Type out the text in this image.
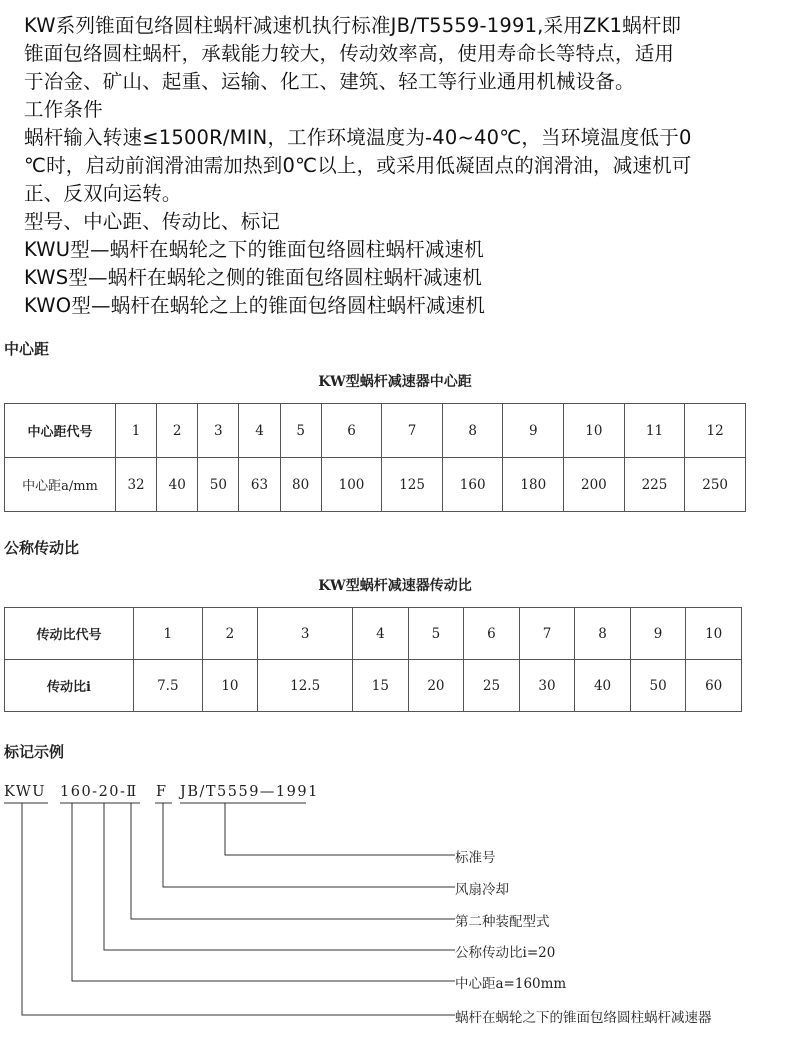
KW系列锥面包络圆柱蜗杆减速机执行标准JB/T5559-1991,采用ZK1蜗杆即
锥面包络圆柱蜗杆，承载能力较大，传动效率高，使用寿命长等特点，适用
于冶金、矿山、起重、运输、化工、建筑、轻工等行业通用机械设备。
工作条件
蜗杆输入转速≤1500R/MIN，工作环境温度为-40~40℃，当环境温度低于0
℃时，启动前润滑油需加热到0℃以上，或采用低凝固点的润滑油，减速机可
正、反双向运转。
型号、中心距、传动比、标记
KWU型—蜗杆在蜗轮之下的锥面包络圆柱蜗杆减速机
KWS型—蜗杆在蜗轮之侧的锥面包络圆柱蜗杆减速机
KWO型—蜗杆在蜗轮之上的锥面包络圆柱蜗杆减速机
中心距
KW型蜗杆减速器中心距
中心距代号	1	2	3	4	5	6	7	8	9	10	11	12
中心距a/mm	32	40	50	63	80	100	125	160	180	200	225	250
公称传动比
KW型蜗杆减速器传动比
传动比代号	1	2	3	4	5	6	7	8	9	10
传动比i	7.5	10	12.5	15	20	25	30	40	50	60
标记示例
KWU 160-20-Ⅱ F JB/T5559—1991
标准号
风扇冷却
第二种装配型式
公称传动比i=20
中心距a=160mm
蜗杆在蜗轮之下的锥面包络圆柱蜗杆减速器
